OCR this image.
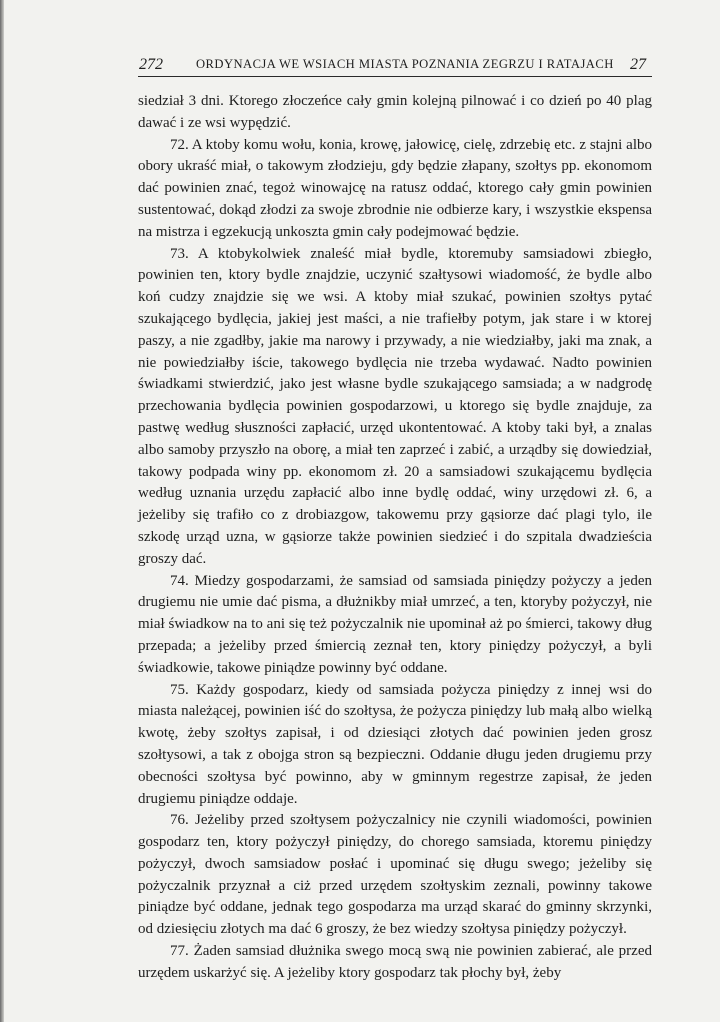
272	ORDYNACJA WE WSIACH MIASTA POZNANIA ZEGRZU I RATAJACH 27

siedział 3 dni. Ktorego złoczeńce cały gmin kolejną pilnować i co dzień po 40 plag dawać i ze wsi wypędzić.

72. A ktoby komu wołu, konia, krowę, jałowicę, cielę, zdrzebię etc. z stajni albo obory ukraść miał, o takowym złodzieju, gdy będzie złapany, szołtys pp. ekonomom dać powinien znać, tegoż winowajcę na ratusz oddać, ktorego cały gmin powinien sustentować, dokąd złodzi za swoje zbrodnie nie odbierze kary, i wszystkie ekspensa na mistrza i egzekucją unkoszta gmin cały podejmować będzie.

73. A ktobykolwiek znaleść miał bydle, ktoremuby samsiadowi zbiegło, powinien ten, ktory bydle znajdzie, uczynić szałtysowi wiadomość, że bydle albo koń cudzy znajdzie się we wsi. A ktoby miał szukać, powinien szołtys pytać szukającego bydlęcia, jakiej jest maści, a nie trafiełby potym, jak stare i w ktorej paszy, a nie zgadłby, jakie ma narowy i przywady, a nie wiedziałby, jaki ma znak, a nie powiedziałby iście, takowego bydlęcia nie trzeba wydawać. Nadto powinien świadkami stwierdzić, jako jest własne bydle szukającego samsiada; a w nadgrodę przechowania bydlęcia powinien gospodarzowi, u ktorego się bydle znajduje, za pastwę według słuszności zapłacić, urzęd ukontentować. A ktoby taki był, a znalas albo samoby przyszło na oborę, a miał ten zaprzeć i zabić, a urządby się dowiedział, takowy podpada winy pp. ekonomom zł. 20 a samsiadowi szukającemu bydlęcia według uznania urzędu zapłacić albo inne bydlę oddać, winy urzędowi zł. 6, a jeżeliby się trafiło co z drobiazgow, takowemu przy gąsiorze dać plagi tylo, ile szkodę urząd uzna, w gąsiorze także powinien siedzieć i do szpitala dwadzieścia groszy dać.

74. Miedzy gospodarzami, że samsiad od samsiada piniędzy pożyczy a jeden drugiemu nie umie dać pisma, a dłużnikby miał umrzeć, a ten, ktoryby pożyczył, nie miał świadkow na to ani się też pożyczalnik nie upominał aż po śmierci, takowy dług przepada; a jeżeliby przed śmiercią zeznał ten, ktory piniędzy pożyczył, a byli świadkowie, takowe piniądze powinny być oddane.

75. Każdy gospodarz, kiedy od samsiada pożycza piniędzy z innej wsi do miasta należącej, powinien iść do szołtysa, że pożycza piniędzy lub małą albo wielką kwotę, żeby szołtys zapisał, i od dziesiąci złotych dać powinien jeden grosz szołtysowi, a tak z obojga stron są bezpieczni. Oddanie długu jeden drugiemu przy obecności szołtysa być powinno, aby w gminnym regestrze zapisał, że jeden drugiemu piniądze oddaje.

76. Jeżeliby przed szołtysem pożyczalnicy nie czynili wiadomości, powinien gospodarz ten, ktory pożyczył piniędzy, do chorego samsiada, ktoremu piniędzy pożyczył, dwoch samsiadow posłać i upominać się długu swego; jeżeliby się pożyczalnik przyznał a ciż przed urzędem szołtyskim zeznali, powinny takowe piniądze być oddane, jednak tego gospodarza ma urząd skarać do gminny skrzynki, od dziesięciu złotych ma dać 6 groszy, że bez wiedzy szołtysa piniędzy pożyczył.

77. Żaden samsiad dłużnika swego mocą swą nie powinien zabierać, ale przed urzędem uskarżyć się. A jeżeliby ktory gospodarz tak płochy był, żeby
